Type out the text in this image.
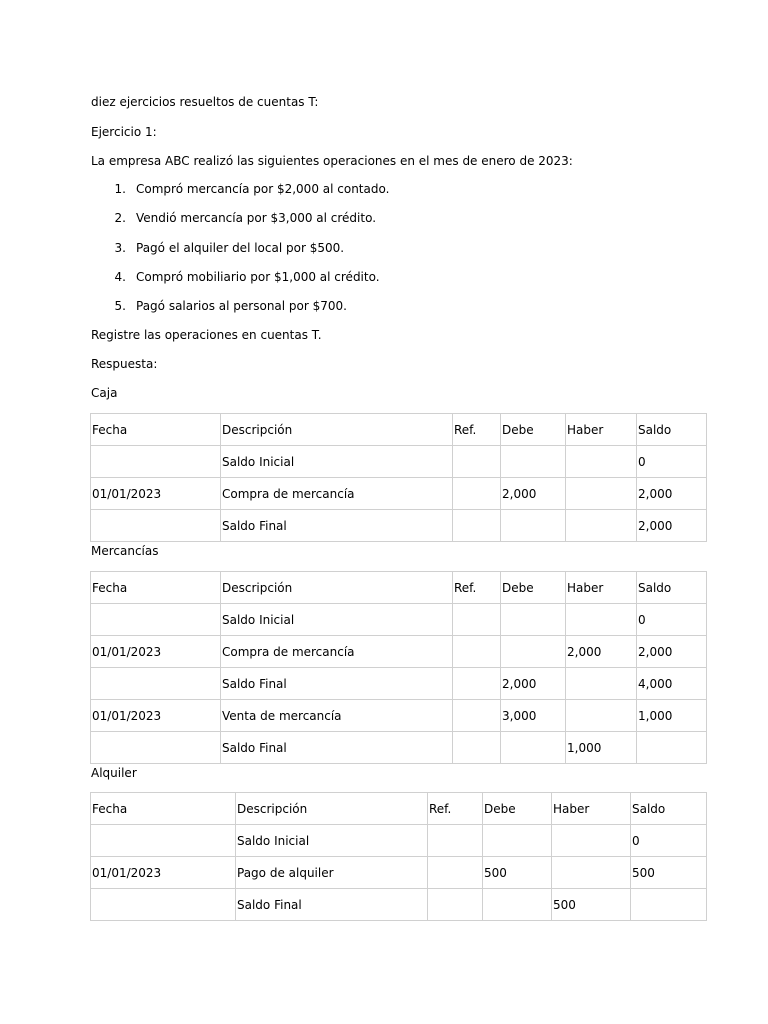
diez ejercicios resueltos de cuentas T:

Ejercicio 1:

La empresa ABC realizó las siguientes operaciones en el mes de enero de 2023:

1. Compró mercancía por $2,000 al contado.
2. Vendió mercancía por $3,000 al crédito.
3. Pagó el alquiler del local por $500.
4. Compró mobiliario por $1,000 al crédito.
5. Pagó salarios al personal por $700.

Registre las operaciones en cuentas T.

Respuesta:

Caja
Fecha	Descripción	Ref.	Debe	Haber	Saldo
	Saldo Inicial				0
01/01/2023	Compra de mercancía		2,000		2,000
	Saldo Final				2,000
Mercancías
Fecha	Descripción	Ref.	Debe	Haber	Saldo
	Saldo Inicial				0
01/01/2023	Compra de mercancía			2,000	2,000
	Saldo Final		2,000		4,000
01/01/2023	Venta de mercancía		3,000		1,000
	Saldo Final			1,000	
Alquiler
Fecha	Descripción	Ref.	Debe	Haber	Saldo
	Saldo Inicial				0
01/01/2023	Pago de alquiler		500		500
	Saldo Final			500	
